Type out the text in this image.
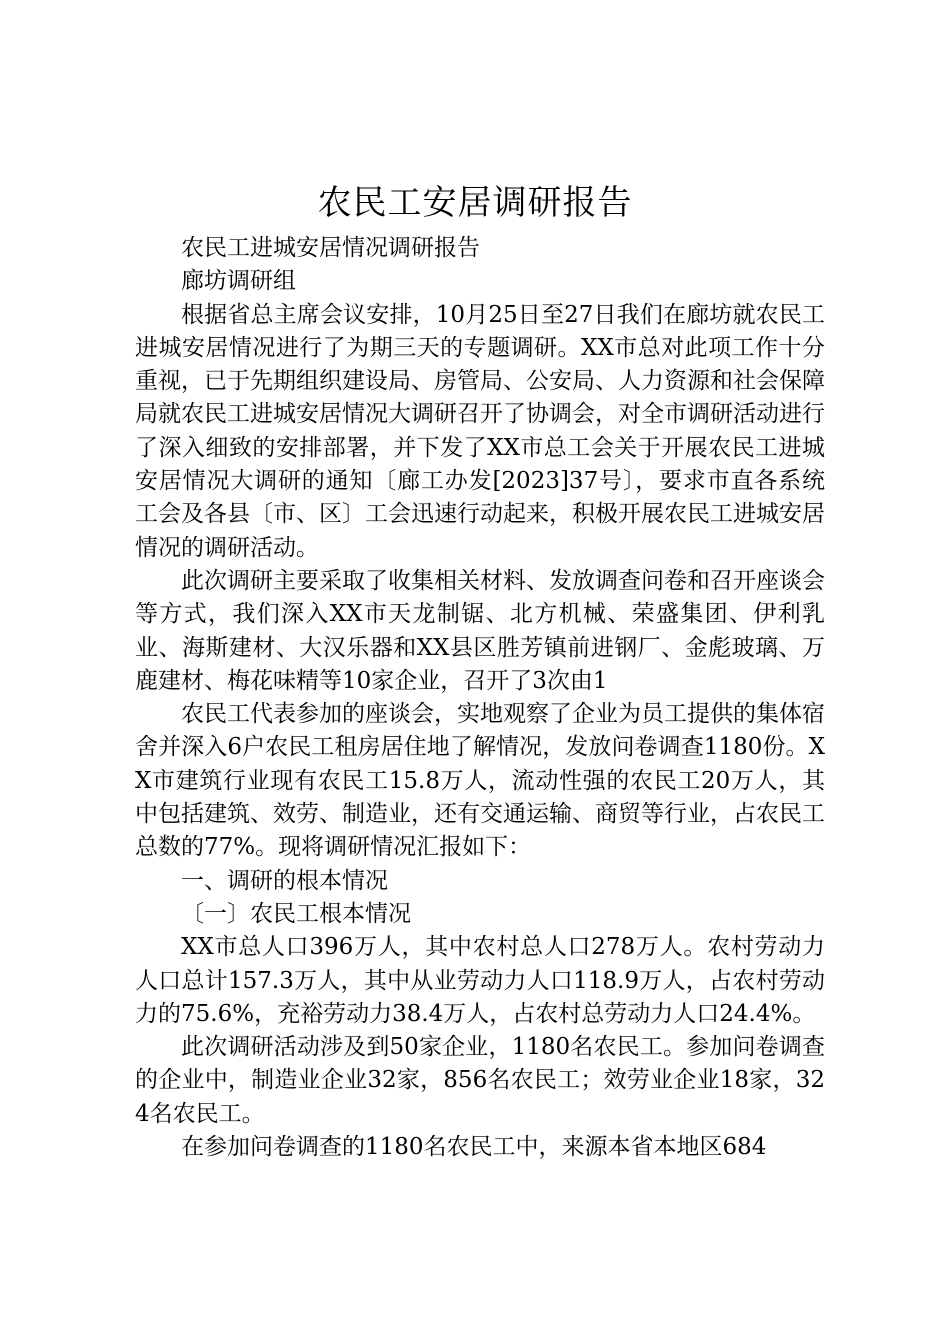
农民工安居调研报告

农民工进城安居情况调研报告

廊坊调研组

根据省总主席会议安排，10月25日至27日我们在廊坊就农民工进城安居情况进行了为期三天的专题调研。XX市总对此项工作十分重视，已于先期组织建设局、房管局、公安局、人力资源和社会保障局就农民工进城安居情况大调研召开了协调会，对全市调研活动进行了深入细致的安排部署，并下发了XX市总工会关于开展农民工进城安居情况大调研的通知〔廊工办发[2023]37号〕，要求市直各系统工会及各县〔市、区〕工会迅速行动起来，积极开展农民工进城安居情况的调研活动。

此次调研主要采取了收集相关材料、发放调查问卷和召开座谈会等方式，我们深入XX市天龙制锯、北方机械、荣盛集团、伊利乳业、海斯建材、大汉乐器和XX县区胜芳镇前进钢厂、金彪玻璃、万鹿建材、梅花味精等10家企业，召开了3次由1

农民工代表参加的座谈会，实地观察了企业为员工提供的集体宿舍并深入6户农民工租房居住地了解情况，发放问卷调查1180份。XX市建筑行业现有农民工15.8万人，流动性强的农民工20万人，其中包括建筑、效劳、制造业，还有交通运输、商贸等行业，占农民工总数的77%。现将调研情况汇报如下：

一、调研的根本情况

〔一〕农民工根本情况

XX市总人口396万人，其中农村总人口278万人。农村劳动力人口总计157.3万人，其中从业劳动力人口118.9万人，占农村劳动力的75.6%，充裕劳动力38.4万人，占农村总劳动力人口24.4%。

此次调研活动涉及到50家企业，1180名农民工。参加问卷调查的企业中，制造业企业32家，856名农民工；效劳业企业18家，324名农民工。

在参加问卷调查的1180名农民工中，来源本省本地区684
